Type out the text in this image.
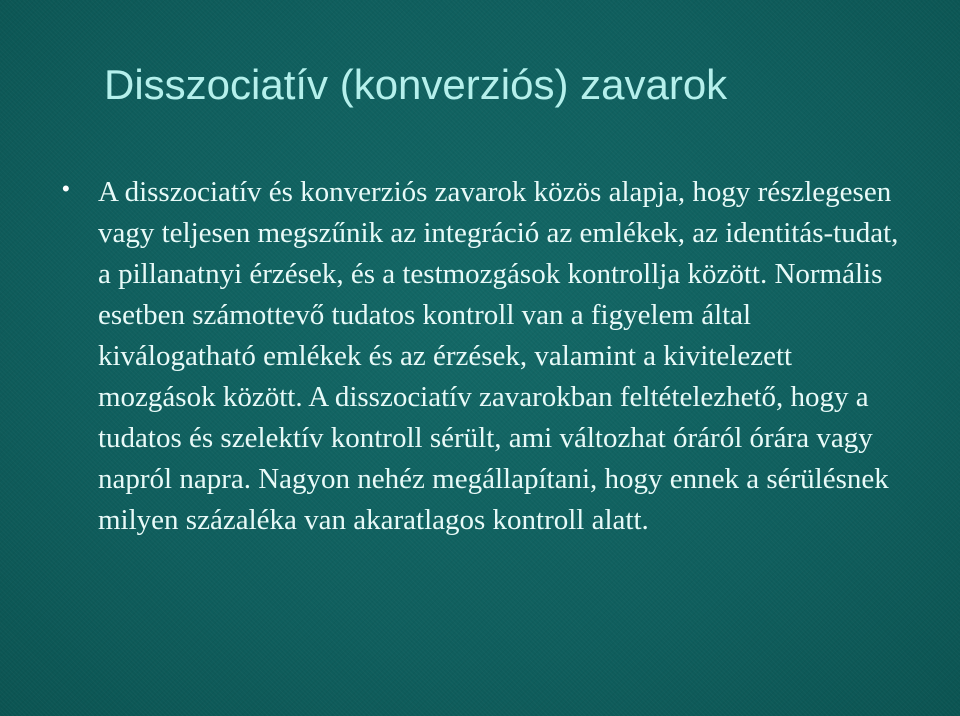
Disszociatív (konverziós) zavarok
• A disszociatív és konverziós zavarok közös alapja, hogy részlegesen vagy teljesen megszűnik az integráció az emlékek, az identitás-tudat, a pillanatnyi érzések, és a testmozgások kontrollja között. Normális esetben számottevő tudatos kontroll van a figyelem által kiválogatható emlékek és az érzések, valamint a kivitelezett mozgások között. A disszociatív zavarokban feltételezhető, hogy a tudatos és szelektív kontroll sérült, ami változhat óráról órára vagy napról napra. Nagyon nehéz megállapítani, hogy ennek a sérülésnek milyen százaléka van akaratlagos kontroll alatt.
